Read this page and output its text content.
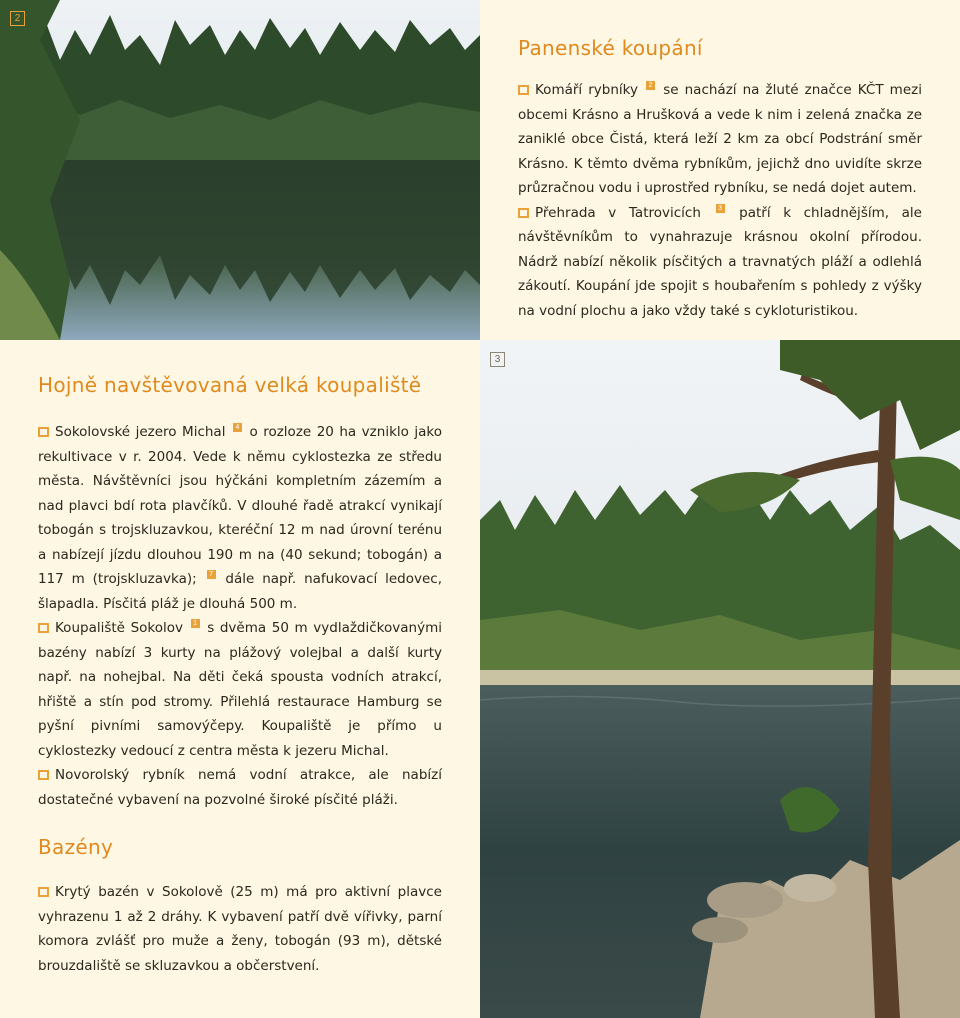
2
Panenské koupání

Komáří rybníky 2 se nachází na žluté značce KČT mezi obcemi Krásno a Hrušková a vede k nim i zelená značka ze zaniklé obce Čistá, která leží 2 km za obcí Podstrání směr Krásno. K těmto dvěma rybníkům, jejichž dno uvidíte skrze průzračnou vodu i uprostřed rybníku, se nedá dojet autem.

Přehrada v Tatrovicích 3 patří k chladnějším, ale návštěvníkům to vynahrazuje krásnou okolní přírodou. Nádrž nabízí několik písčitých a travnatých pláží a odlehlá zákoutí. Koupání jde spojit s houbařením s pohledy z výšky na vodní plochu a jako vždy také s cykloturistikou.

3
Hojně navštěvovaná velká koupaliště

Sokolovské jezero Michal 4 o rozloze 20 ha vzniklo jako rekultivace v r. 2004. Vede k němu cyklostezka ze středu města. Návštěvníci jsou hýčkáni kompletním zázemím a nad plavci bdí rota plavčíků. V dlouhé řadě atrakcí vynikají tobogán s trojskluzavkou, kteréční 12 m nad úrovní terénu a nabízejí jízdu dlouhou 190 m na (40 sekund; tobogán) a 117 m (trojskluzavka); 7 dále např. nafukovací ledovec, šlapadla. Písčitá pláž je dlouhá 500 m.

Koupaliště Sokolov 1 s dvěma 50 m vydlaždičkovanými bazény nabízí 3 kurty na plážový volejbal a další kurty např. na nohejbal. Na děti čeká spousta vodních atrakcí, hřiště a stín pod stromy. Přilehlá restaurace Hamburg se pyšní pivními samovýčepy. Koupaliště je přímo u cyklostezky vedoucí z centra města k jezeru Michal.

Novorolský rybník nemá vodní atrakce, ale nabízí dostatečné vybavení na pozvolné široké písčité pláži.

Bazény

Krytý bazén v Sokolově (25 m) má pro aktivní plavce vyhrazenu 1 až 2 dráhy. K vybavení patří dvě vířivky, parní komora zvlášť pro muže a ženy, tobogán (93 m), dětské brouzdaliště se skluzavkou a občerstvení.
